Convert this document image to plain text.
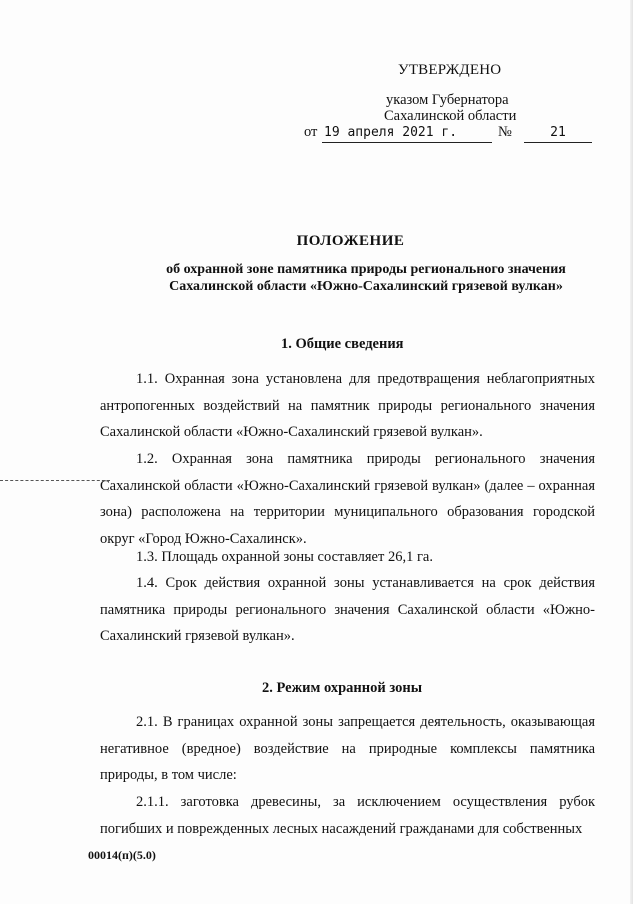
УТВЕРЖДЕНО
указом Губернатора
Сахалинской области
от 19 апреля 2021 г.	№	21
ПОЛОЖЕНИЕ
об охранной зоне памятника природы регионального значения Сахалинской области «Южно-Сахалинский грязевой вулкан»
1. Общие сведения
1.1. Охранная зона установлена для предотвращения неблагоприятных антропогенных воздействий на памятник природы регионального значения Сахалинской области «Южно-Сахалинский грязевой вулкан».
1.2. Охранная зона памятника природы регионального значения Сахалинской области «Южно-Сахалинский грязевой вулкан» (далее – охранная зона) расположена на территории муниципального образования городской округ «Город Южно-Сахалинск».
1.3. Площадь охранной зоны составляет 26,1 га.
1.4. Срок действия охранной зоны устанавливается на срок действия памятника природы регионального значения Сахалинской области «Южно-Сахалинский грязевой вулкан».
2. Режим охранной зоны
2.1. В границах охранной зоны запрещается деятельность, оказывающая негативное (вредное) воздействие на природные комплексы памятника природы, в том числе:
2.1.1. заготовка древесины, за исключением осуществления рубок погибших и поврежденных лесных насаждений гражданами для собственных
00014(п)(5.0)
